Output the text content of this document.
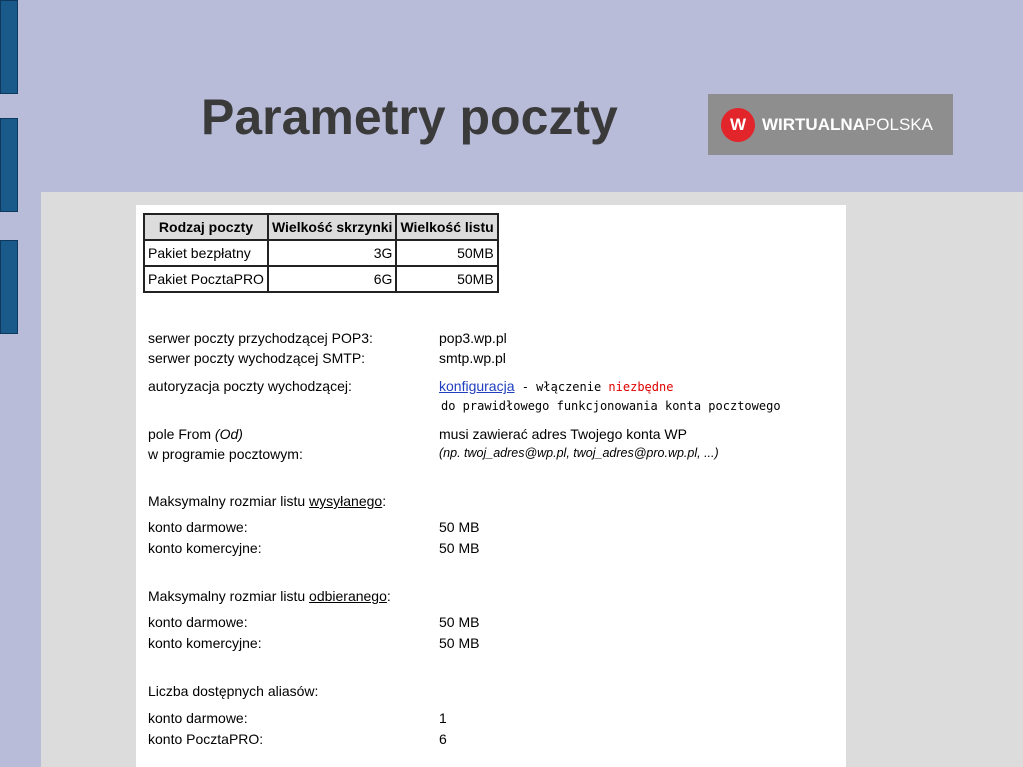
Parametry poczty	W WIRTUALNAPOLSKA
Rodzaj poczty	Wielkość skrzynki	Wielkość listu
Pakiet bezpłatny	3G	50MB
Pakiet PocztaPRO	6G	50MB
serwer poczty przychodzącej POP3:	pop3.wp.pl
serwer poczty wychodzącej SMTP:	smtp.wp.pl
autoryzacja poczty wychodzącej:	konfiguracja - włączenie niezbędne
do prawidłowego funkcjonowania konta pocztowego
pole From (Od)	musi zawierać adres Twojego konta WP
w programie pocztowym:	(np. twoj_adres@wp.pl, twoj_adres@pro.wp.pl, ...)
Maksymalny rozmiar listu wysyłanego:
konto darmowe:	50 MB
konto komercyjne:	50 MB
Maksymalny rozmiar listu odbieranego:
konto darmowe:	50 MB
konto komercyjne:	50 MB
Liczba dostępnych aliasów:
konto darmowe:	1
konto PocztaPRO:	6
